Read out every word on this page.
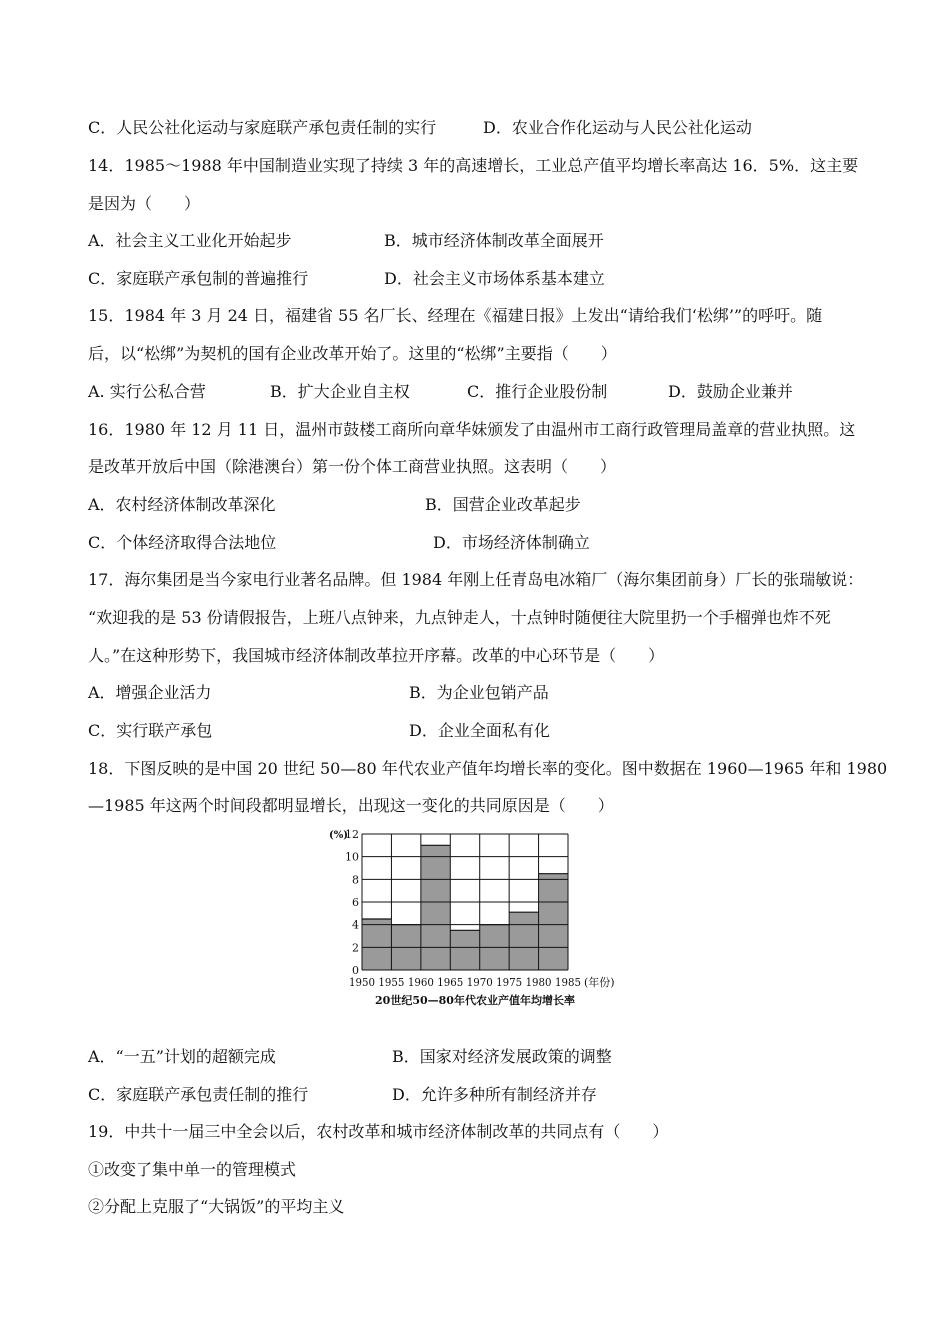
C．人民公社化运动与家庭联产承包责任制的实行	D．农业合作化运动与人民公社化运动
14．1985～1988 年中国制造业实现了持续 3 年的高速增长，工业总产值平均增长率高达 16．5%．这主要
是因为（　　）
A．社会主义工业化开始起步	B．城市经济体制改革全面展开
C．家庭联产承包制的普遍推行	D．社会主义市场体系基本建立
15．1984 年 3 月 24 日，福建省 55 名厂长、经理在《福建日报》上发出“请给我们‘松绑’”的呼吁。随
后，以“松绑”为契机的国有企业改革开始了。这里的“松绑”主要指（　　）
A. 实行公私合营	B．扩大企业自主权	C．推行企业股份制	D．鼓励企业兼并
16．1980 年 12 月 11 日，温州市鼓楼工商所向章华妹颁发了由温州市工商行政管理局盖章的营业执照。这
是改革开放后中国（除港澳台）第一份个体工商营业执照。这表明（　　）
A．农村经济体制改革深化	B．国营企业改革起步
C．个体经济取得合法地位	D．市场经济体制确立
17．海尔集团是当今家电行业著名品牌。但 1984 年刚上任青岛电冰箱厂（海尔集团前身）厂长的张瑞敏说：
“欢迎我的是 53 份请假报告，上班八点钟来，九点钟走人，十点钟时随便往大院里扔一个手榴弹也炸不死
人。”在这种形势下，我国城市经济体制改革拉开序幕。改革的中心环节是（　　）
A．增强企业活力	B．为企业包销产品
C．实行联产承包	D．企业全面私有化
18．下图反映的是中国 20 世纪 50—80 年代农业产值年均增长率的变化。图中数据在 1960—1965 年和 1980
—1985 年这两个时间段都明显增长，出现这一变化的共同原因是（　　）
0
2
4
6
8
10
12
(%)
1950 1955 1960 1965 1970 1975 1980 1985 (年份)
20世纪50—80年代农业产值年均增长率
A．“一五”计划的超额完成	B．国家对经济发展政策的调整
C．家庭联产承包责任制的推行	D．允许多种所有制经济并存
19．中共十一届三中全会以后，农村改革和城市经济体制改革的共同点有（　　）
①改变了集中单一的管理模式
②分配上克服了“大锅饭”的平均主义
